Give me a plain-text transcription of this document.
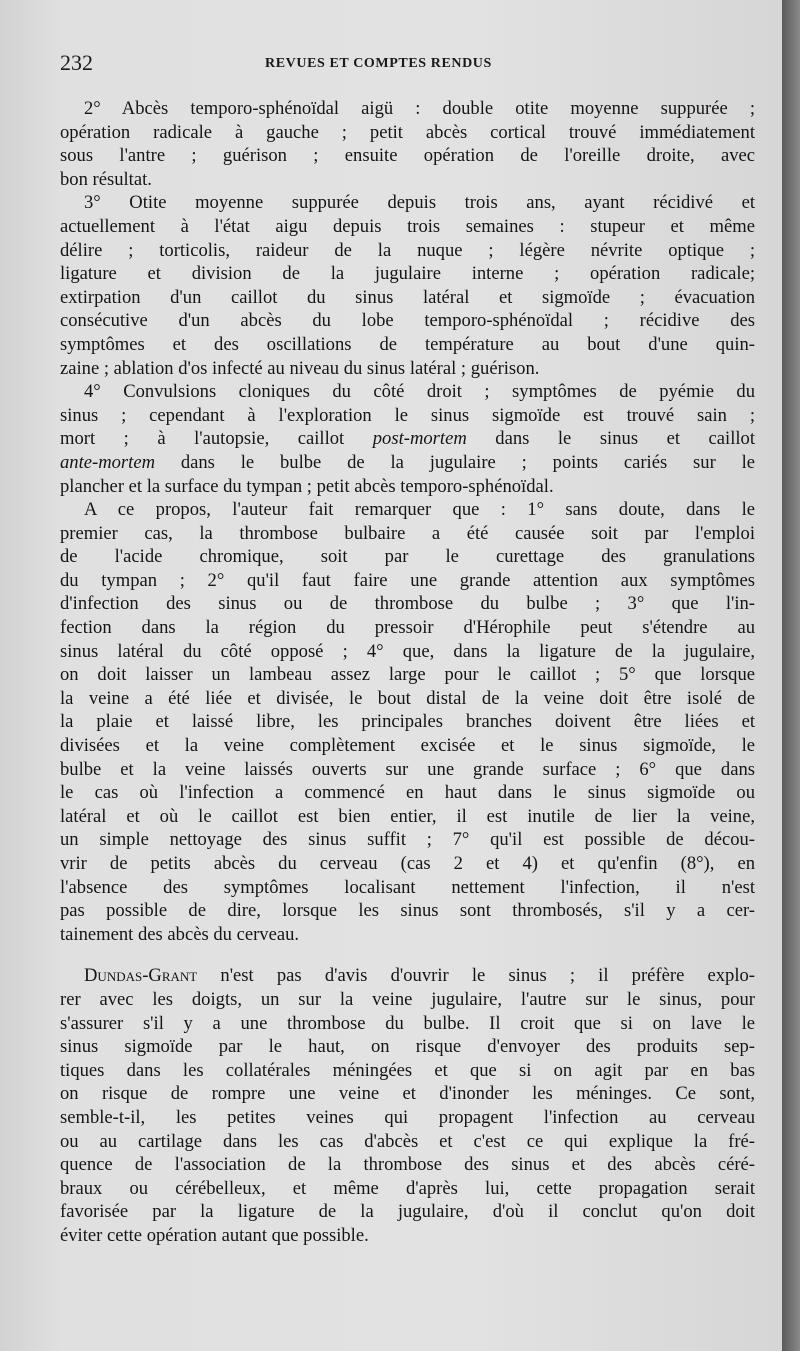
232	REVUES ET COMPTES RENDUS
2° Abcès temporo-sphénoïdal aigü : double otite moyenne suppurée ;
opération radicale à gauche ; petit abcès cortical trouvé immédiatement
sous l'antre ; guérison ; ensuite opération de l'oreille droite, avec
bon résultat.
3° Otite moyenne suppurée depuis trois ans, ayant récidivé et
actuellement à l'état aigu depuis trois semaines : stupeur et même
délire ; torticolis, raideur de la nuque ; légère névrite optique ;
ligature et division de la jugulaire interne ; opération radicale;
extirpation d'un caillot du sinus latéral et sigmoïde ; évacuation
consécutive d'un abcès du lobe temporo-sphénoïdal ; récidive des
symptômes et des oscillations de température au bout d'une quin-
zaine ; ablation d'os infecté au niveau du sinus latéral ; guérison.
4° Convulsions cloniques du côté droit ; symptômes de pyémie du
sinus ; cependant à l'exploration le sinus sigmoïde est trouvé sain ;
mort ; à l'autopsie, caillot post-mortem dans le sinus et caillot
ante-mortem dans le bulbe de la jugulaire ; points cariés sur le
plancher et la surface du tympan ; petit abcès temporo-sphénoïdal.
A ce propos, l'auteur fait remarquer que : 1° sans doute, dans le
premier cas, la thrombose bulbaire a été causée soit par l'emploi
de l'acide chromique, soit par le curettage des granulations
du tympan ; 2° qu'il faut faire une grande attention aux symptômes
d'infection des sinus ou de thrombose du bulbe ; 3° que l'in-
fection dans la région du pressoir d'Hérophile peut s'étendre au
sinus latéral du côté opposé ; 4° que, dans la ligature de la jugulaire,
on doit laisser un lambeau assez large pour le caillot ; 5° que lorsque
la veine a été liée et divisée, le bout distal de la veine doit être isolé de
la plaie et laissé libre, les principales branches doivent être liées et
divisées et la veine complètement excisée et le sinus sigmoïde, le
bulbe et la veine laissés ouverts sur une grande surface ; 6° que dans
le cas où l'infection a commencé en haut dans le sinus sigmoïde ou
latéral et où le caillot est bien entier, il est inutile de lier la veine,
un simple nettoyage des sinus suffit ; 7° qu'il est possible de décou-
vrir de petits abcès du cerveau (cas 2 et 4) et qu'enfin (8°), en
l'absence des symptômes localisant nettement l'infection, il n'est
pas possible de dire, lorsque les sinus sont thrombosés, s'il y a cer-
tainement des abcès du cerveau.
Dundas-Grant n'est pas d'avis d'ouvrir le sinus ; il préfère explo-
rer avec les doigts, un sur la veine jugulaire, l'autre sur le sinus, pour
s'assurer s'il y a une thrombose du bulbe. Il croit que si on lave le
sinus sigmoïde par le haut, on risque d'envoyer des produits sep-
tiques dans les collatérales méningées et que si on agit par en bas
on risque de rompre une veine et d'inonder les méninges. Ce sont,
semble-t-il, les petites veines qui propagent l'infection au cerveau
ou au cartilage dans les cas d'abcès et c'est ce qui explique la fré-
quence de l'association de la thrombose des sinus et des abcès céré-
braux ou cérébelleux, et même d'après lui, cette propagation serait
favorisée par la ligature de la jugulaire, d'où il conclut qu'on doit
éviter cette opération autant que possible.
